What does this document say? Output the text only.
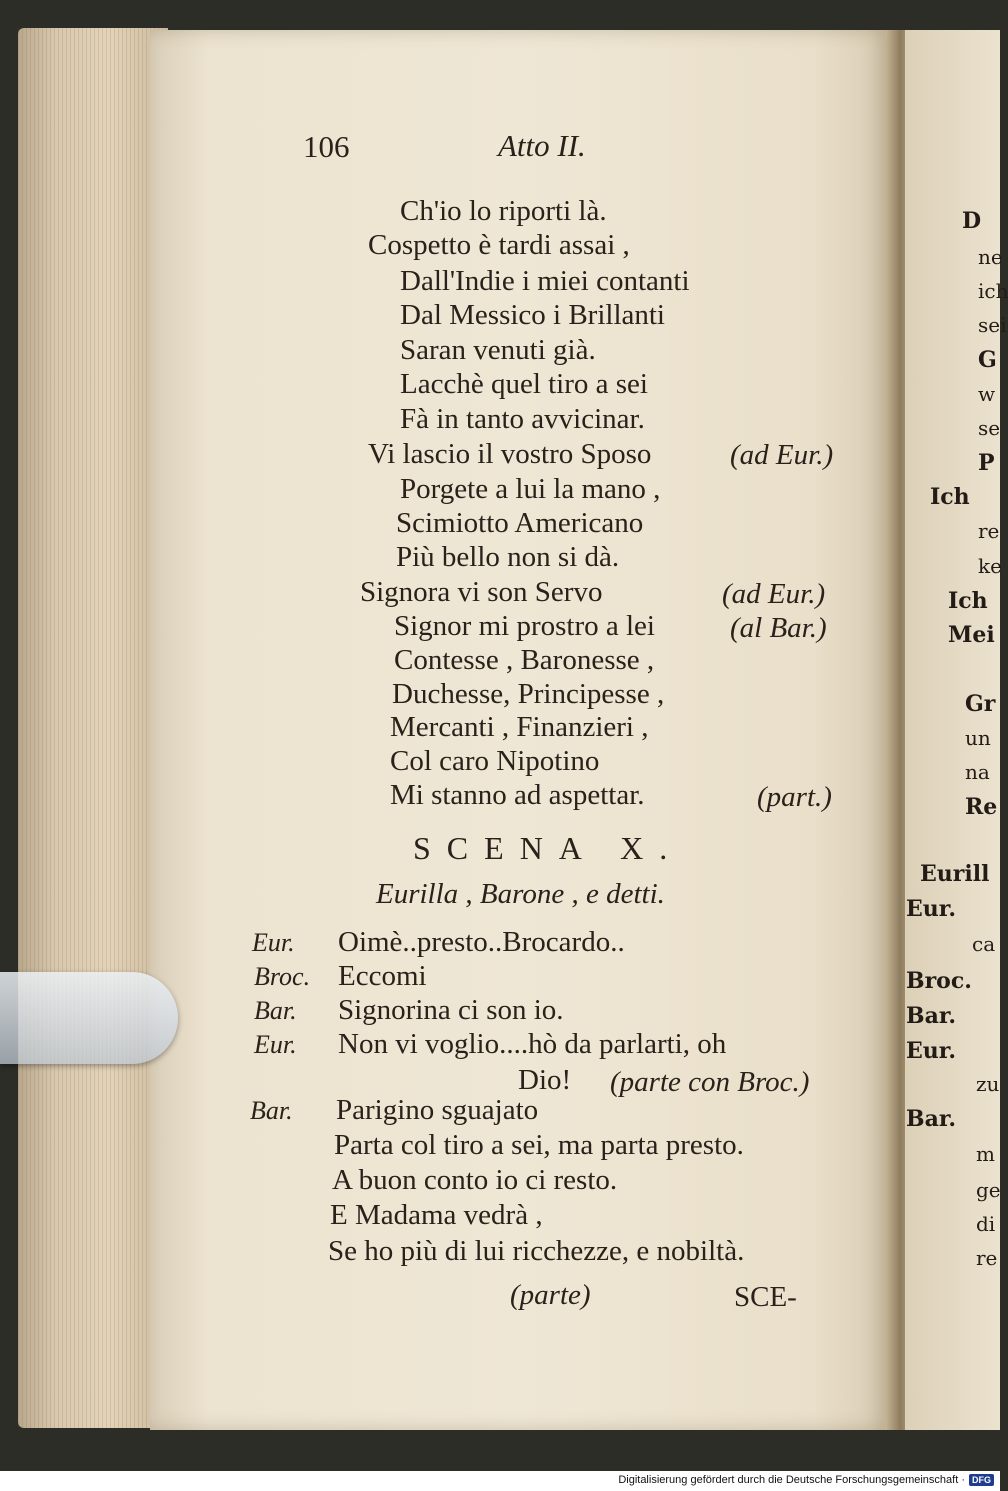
106	Atto II.
Ch'io lo riporti là.
Cospetto è tardi assai ,
Dall'Indie i miei contanti
Dal Messico i Brillanti
Saran venuti già.
Lacchè quel tiro a sei
Fà in tanto avvicinar.
Vi lascio il vostro Sposo	(ad Eur.)
Porgete a lui la mano ,
Scimiotto Americano
Più bello non si dà.
Signora vi son Servo	(ad Eur.)
Signor mi prostro a lei	(al Bar.)
Contesse , Baronesse ,
Duchesse, Principesse ,
Mercanti , Finanzieri ,
Col caro Nipotino
Mi stanno ad aspettar.	(part.)
SCENA X.
Eurilla , Barone , e detti.
Eur. Oimè..presto..Brocardo..
Broc. Eccomi
Bar. Signorina ci son io.
Eur. Non vi voglio....hò da parlarti, oh
Dio! (parte con Broc.)
Bar. Parigino sguajato
Parta col tiro a sei, ma parta presto.
A buon conto io ci resto.
E Madama vedrà ,
Se ho più di lui ricchezze, e nobiltà.
(parte)	SCE-
D
ne
ich
sei
G
w
se
P
Ich
re
ke
Ich
Mei
Gr
un
na
Re
Eurill
Eur.
ca
Broc.
Bar.
Eur.
zu
Bar.
m
ge
di
re
Digitalisierung gefördert durch die Deutsche Forschungsgemeinschaft · DFG
